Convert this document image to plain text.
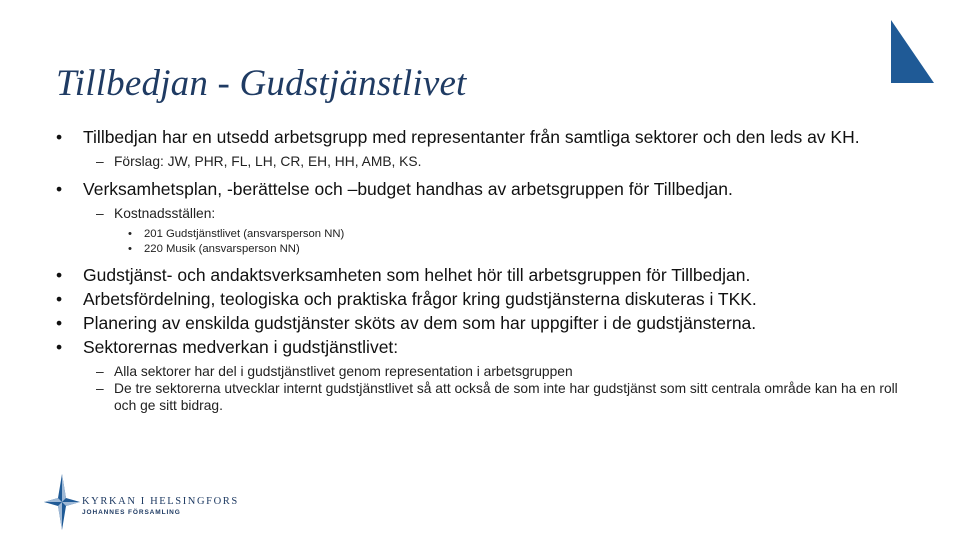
Tillbedjan - Gudstjänstlivet
• Tillbedjan har en utsedd arbetsgrupp med representanter från samtliga sektorer och den leds av KH.
– Förslag: JW, PHR, FL, LH, CR, EH, HH, AMB, KS.
• Verksamhetsplan, -berättelse och –budget handhas av arbetsgruppen för Tillbedjan.
– Kostnadsställen:
• 201 Gudstjänstlivet (ansvarsperson NN)
• 220 Musik (ansvarsperson NN)
• Gudstjänst- och andaktsverksamheten som helhet hör till arbetsgruppen för Tillbedjan.
• Arbetsfördelning, teologiska och praktiska frågor kring gudstjänsterna diskuteras i TKK.
• Planering av enskilda gudstjänster sköts av dem som har uppgifter i de gudstjänsterna.
• Sektorernas medverkan i gudstjänstlivet:
– Alla sektorer har del i gudstjänstlivet genom representation i arbetsgruppen
– De tre sektorerna utvecklar internt gudstjänstlivet så att också de som inte har gudstjänst som sitt centrala område kan ha en roll och ge sitt bidrag.
KYRKAN I HELSINGFORS
JOHANNES FÖRSAMLING
